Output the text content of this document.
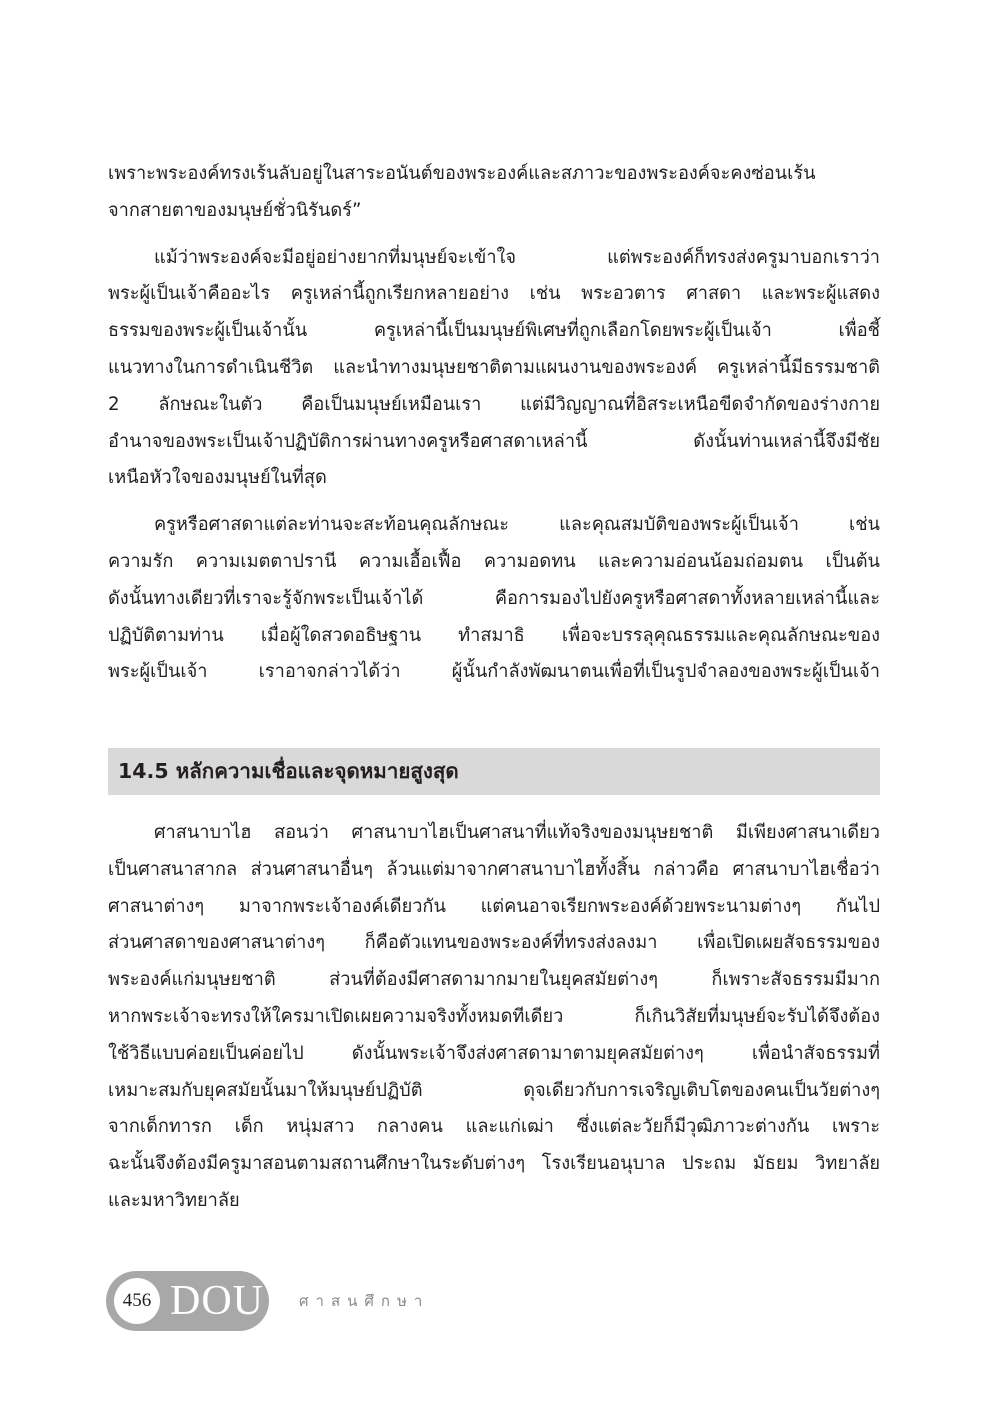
เพราะพระองค์ทรงเร้นลับอยู่ในสาระอนันต์ของพระองค์และสภาวะของพระองค์จะคงซ่อนเร้น
จากสายตาของมนุษย์ชั่วนิรันดร์”
แม้ว่าพระองค์จะมีอยู่อย่างยากที่มนุษย์จะเข้าใจ แต่พระองค์ก็ทรงส่งครูมาบอกเราว่า
พระผู้เป็นเจ้าคืออะไร ครูเหล่านี้ถูกเรียกหลายอย่าง เช่น พระอวตาร ศาสดา และพระผู้แสดง
ธรรมของพระผู้เป็นเจ้านั้น ครูเหล่านี้เป็นมนุษย์พิเศษที่ถูกเลือกโดยพระผู้เป็นเจ้า เพื่อชี้
แนวทางในการดำเนินชีวิต และนำทางมนุษยชาติตามแผนงานของพระองค์ ครูเหล่านี้มีธรรมชาติ
2 ลักษณะในตัว คือเป็นมนุษย์เหมือนเรา แต่มีวิญญาณที่อิสระเหนือขีดจำกัดของร่างกาย
อำนาจของพระเป็นเจ้าปฏิบัติการผ่านทางครูหรือศาสดาเหล่านี้ ดังนั้นท่านเหล่านี้จึงมีชัย
เหนือหัวใจของมนุษย์ในที่สุด
ครูหรือศาสดาแต่ละท่านจะสะท้อนคุณลักษณะ และคุณสมบัติของพระผู้เป็นเจ้า เช่น
ความรัก ความเมตตาปรานี ความเอื้อเฟื้อ ความอดทน และความอ่อนน้อมถ่อมตน เป็นต้น
ดังนั้นทางเดียวที่เราจะรู้จักพระเป็นเจ้าได้ คือการมองไปยังครูหรือศาสดาทั้งหลายเหล่านี้และ
ปฏิบัติตามท่าน เมื่อผู้ใดสวดอธิษฐาน ทำสมาธิ เพื่อจะบรรลุคุณธรรมและคุณลักษณะของ
พระผู้เป็นเจ้า เราอาจกล่าวได้ว่า ผู้นั้นกำลังพัฒนาตนเพื่อที่เป็นรูปจำลองของพระผู้เป็นเจ้า
14.5 หลักความเชื่อและจุดหมายสูงสุด
ศาสนาบาไฮ สอนว่า ศาสนาบาไฮเป็นศาสนาที่แท้จริงของมนุษยชาติ มีเพียงศาสนาเดียว
เป็นศาสนาสากล ส่วนศาสนาอื่นๆ ล้วนแต่มาจากศาสนาบาไฮทั้งสิ้น กล่าวคือ ศาสนาบาไฮเชื่อว่า
ศาสนาต่างๆ มาจากพระเจ้าองค์เดียวกัน แต่คนอาจเรียกพระองค์ด้วยพระนามต่างๆ กันไป
ส่วนศาสดาของศาสนาต่างๆ ก็คือตัวแทนของพระองค์ที่ทรงส่งลงมา เพื่อเปิดเผยสัจธรรมของ
พระองค์แก่มนุษยชาติ ส่วนที่ต้องมีศาสดามากมายในยุคสมัยต่างๆ ก็เพราะสัจธรรมมีมาก
หากพระเจ้าจะทรงให้ใครมาเปิดเผยความจริงทั้งหมดทีเดียว ก็เกินวิสัยที่มนุษย์จะรับได้จึงต้อง
ใช้วิธีแบบค่อยเป็นค่อยไป ดังนั้นพระเจ้าจึงส่งศาสดามาตามยุคสมัยต่างๆ เพื่อนำสัจธรรมที่
เหมาะสมกับยุคสมัยนั้นมาให้มนุษย์ปฏิบัติ ดุจเดียวกับการเจริญเติบโตของคนเป็นวัยต่างๆ
จากเด็กทารก เด็ก หนุ่มสาว กลางคน และแก่เฒ่า ซึ่งแต่ละวัยก็มีวุฒิภาวะต่างกัน เพราะ
ฉะนั้นจึงต้องมีครูมาสอนตามสถานศึกษาในระดับต่างๆ โรงเรียนอนุบาล ประถม มัธยม วิทยาลัย
และมหาวิทยาลัย
456 DOU ศาสนศึกษา
